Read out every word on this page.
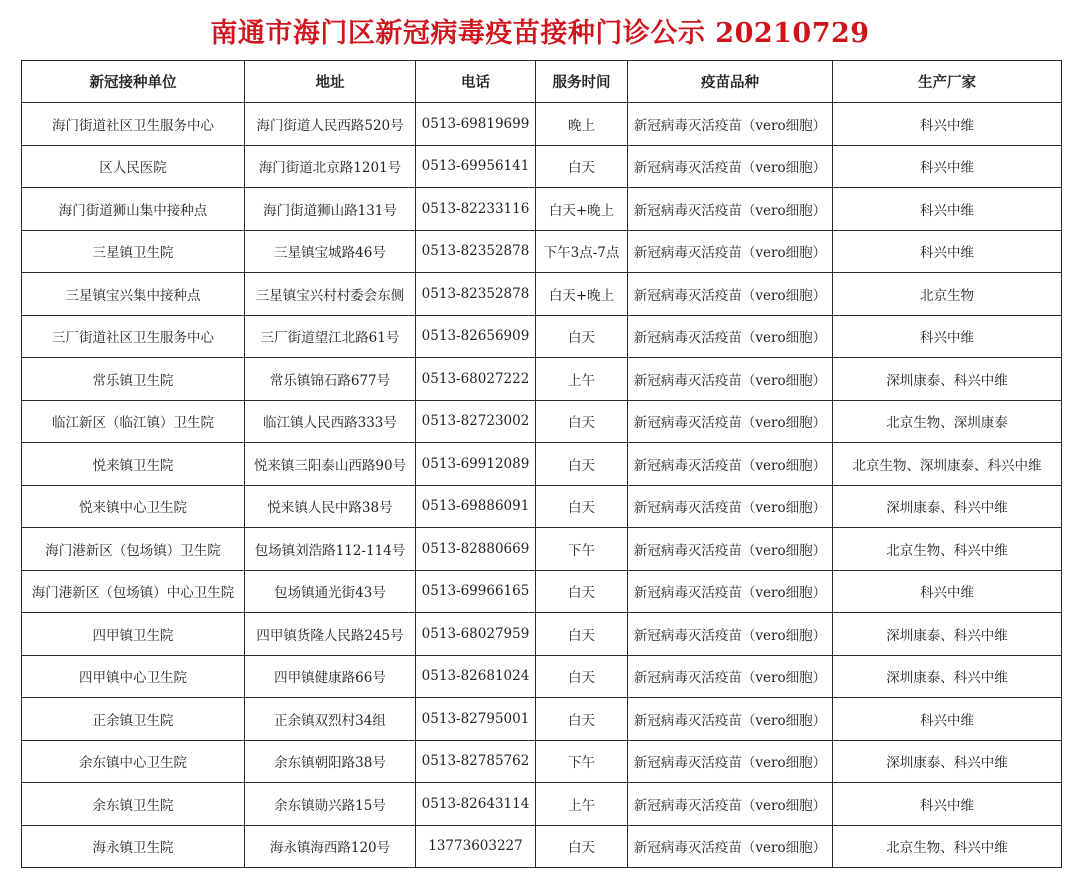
南通市海门区新冠病毒疫苗接种门诊公示 20210729
新冠接种单位	地址	电话	服务时间	疫苗品种	生产厂家
海门街道社区卫生服务中心	海门街道人民西路520号	0513-69819699	晚上	新冠病毒灭活疫苗（vero细胞）	科兴中维
区人民医院	海门街道北京路1201号	0513-69956141	白天	新冠病毒灭活疫苗（vero细胞）	科兴中维
海门街道狮山集中接种点	海门街道狮山路131号	0513-82233116	白天+晚上	新冠病毒灭活疫苗（vero细胞）	科兴中维
三星镇卫生院	三星镇宝城路46号	0513-82352878	下午3点-7点	新冠病毒灭活疫苗（vero细胞）	科兴中维
三星镇宝兴集中接种点	三星镇宝兴村村委会东侧	0513-82352878	白天+晚上	新冠病毒灭活疫苗（vero细胞）	北京生物
三厂街道社区卫生服务中心	三厂街道望江北路61号	0513-82656909	白天	新冠病毒灭活疫苗（vero细胞）	科兴中维
常乐镇卫生院	常乐镇锦石路677号	0513-68027222	上午	新冠病毒灭活疫苗（vero细胞）	深圳康泰、科兴中维
临江新区（临江镇）卫生院	临江镇人民西路333号	0513-82723002	白天	新冠病毒灭活疫苗（vero细胞）	北京生物、深圳康泰
悦来镇卫生院	悦来镇三阳泰山西路90号	0513-69912089	白天	新冠病毒灭活疫苗（vero细胞）	北京生物、深圳康泰、科兴中维
悦来镇中心卫生院	悦来镇人民中路38号	0513-69886091	白天	新冠病毒灭活疫苗（vero细胞）	深圳康泰、科兴中维
海门港新区（包场镇）卫生院	包场镇刘浩路112-114号	0513-82880669	下午	新冠病毒灭活疫苗（vero细胞）	北京生物、科兴中维
海门港新区（包场镇）中心卫生院	包场镇通光街43号	0513-69966165	白天	新冠病毒灭活疫苗（vero细胞）	科兴中维
四甲镇卫生院	四甲镇货隆人民路245号	0513-68027959	白天	新冠病毒灭活疫苗（vero细胞）	深圳康泰、科兴中维
四甲镇中心卫生院	四甲镇健康路66号	0513-82681024	白天	新冠病毒灭活疫苗（vero细胞）	深圳康泰、科兴中维
正余镇卫生院	正余镇双烈村34组	0513-82795001	白天	新冠病毒灭活疫苗（vero细胞）	科兴中维
余东镇中心卫生院	余东镇朝阳路38号	0513-82785762	下午	新冠病毒灭活疫苗（vero细胞）	深圳康泰、科兴中维
余东镇卫生院	余东镇勋兴路15号	0513-82643114	上午	新冠病毒灭活疫苗（vero细胞）	科兴中维
海永镇卫生院	海永镇海西路120号	13773603227	白天	新冠病毒灭活疫苗（vero细胞）	北京生物、科兴中维
